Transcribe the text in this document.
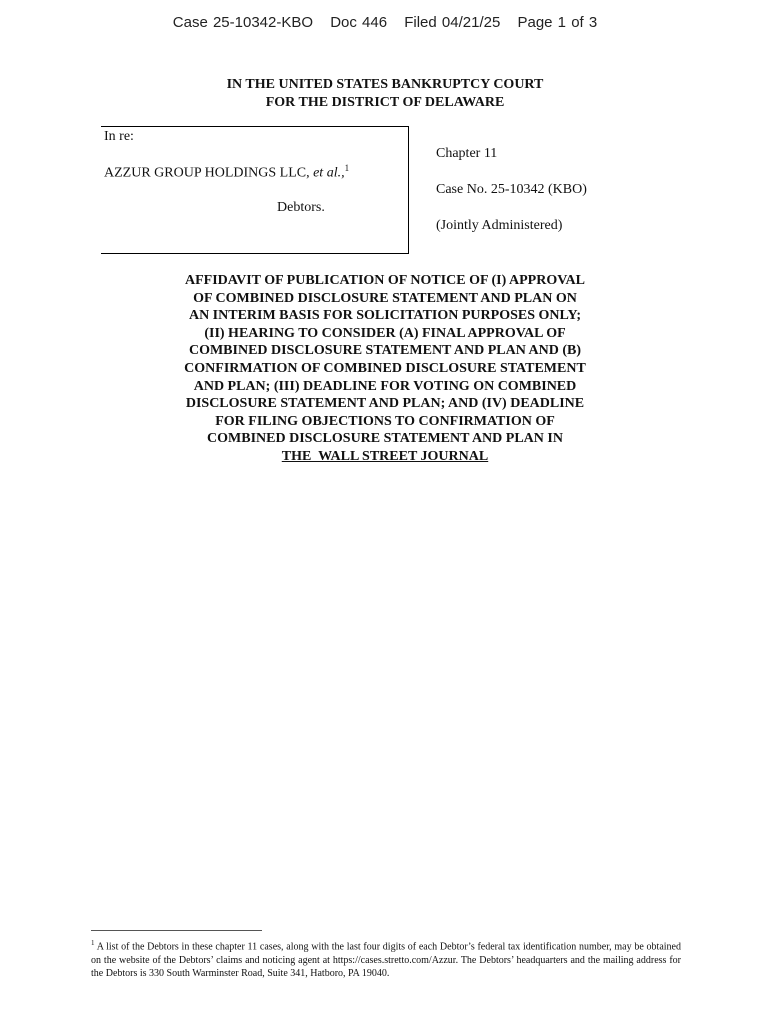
Case 25-10342-KBO Doc 446 Filed 04/21/25 Page 1 of 3
IN THE UNITED STATES BANKRUPTCY COURT
FOR THE DISTRICT OF DELAWARE
In re:
AZZUR GROUP HOLDINGS LLC, et al.,$^1$
Debtors.
Chapter 11
Case No. 25-10342 (KBO)
(Jointly Administered)
AFFIDAVIT OF PUBLICATION OF NOTICE OF (I) APPROVAL
OF COMBINED DISCLOSURE STATEMENT AND PLAN ON
AN INTERIM BASIS FOR SOLICITATION PURPOSES ONLY;
(II) HEARING TO CONSIDER (A) FINAL APPROVAL OF
COMBINED DISCLOSURE STATEMENT AND PLAN AND (B)
CONFIRMATION OF COMBINED DISCLOSURE STATEMENT
AND PLAN; (III) DEADLINE FOR VOTING ON COMBINED
DISCLOSURE STATEMENT AND PLAN; AND (IV) DEADLINE
FOR FILING OBJECTIONS TO CONFIRMATION OF
COMBINED DISCLOSURE STATEMENT AND PLAN IN
THE  WALL STREET JOURNAL
$^1$ A list of the Debtors in these chapter 11 cases, along with the last four digits of each Debtor’s federal tax identification number, may be obtained on the website of the Debtors’ claims and noticing agent at https://cases.stretto.com/Azzur. The Debtors’ headquarters and the mailing address for the Debtors is 330 South Warminster Road, Suite 341, Hatboro, PA 19040.
